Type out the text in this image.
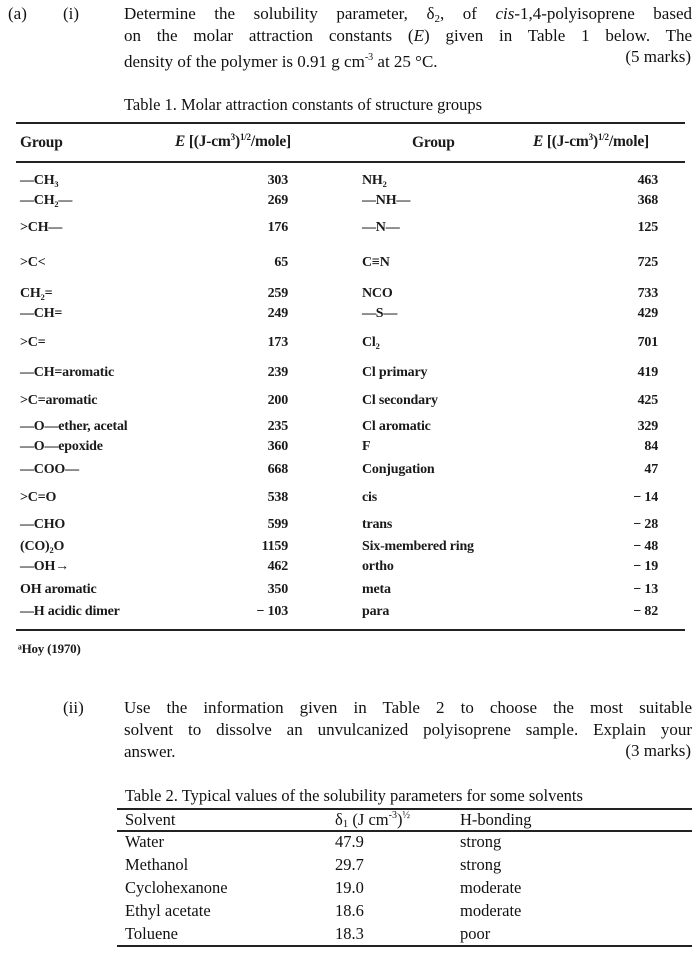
(a) (i)	Determine the solubility parameter, $\delta_2$, of cis-1,4-polyisoprene based
on the molar attraction constants (E) given in Table 1 below. The
density of the polymer is 0.91 g $cm^{-3}$ at 25 °C.	(5 marks)
Table 1. Molar attraction constants of structure groups
Group	E $[(J-cm^3)^{1/2}/mole]$	Group	E $[(J-cm^3)^{1/2}/mole]$
—CH₃	303	NH₂	463
—CH₂—	269	—NH—	368
>CH—	176	—N—	125
>C<	65	C≡N	725
CH₂=	259	NCO	733
—CH=	249	—S—	429
>C=	173	Cl₂	701
—CH=aromatic	239	Cl primary	419
>C=aromatic	200	Cl secondary	425
—O—ether, acetal	235	Cl aromatic	329
—O—epoxide	360	F	84
—COO—	668	Conjugation	47
>C=O	538	cis	− 14
—CHO	599	trans	− 28
(CO)₂O	1159	Six-membered ring	− 48
—OH→	462	ortho	− 19
OH aromatic	350	meta	− 13
—H acidic dimer	− 103	para	− 82
ᵃHoy (1970)
(ii) Use the information given in Table 2 to choose the most suitable
solvent to dissolve an unvulcanized polyisoprene sample. Explain your
answer.	(3 marks)
Table 2. Typical values of the solubility parameters for some solvents
Solvent	δ1 (J $cm^{-3})^{\frac{1}{2}}$	H-bonding
Water	47.9	strong
Methanol	29.7	strong
Cyclohexanone	19.0	moderate
Ethyl acetate	18.6	moderate
Toluene	18.3	poor
